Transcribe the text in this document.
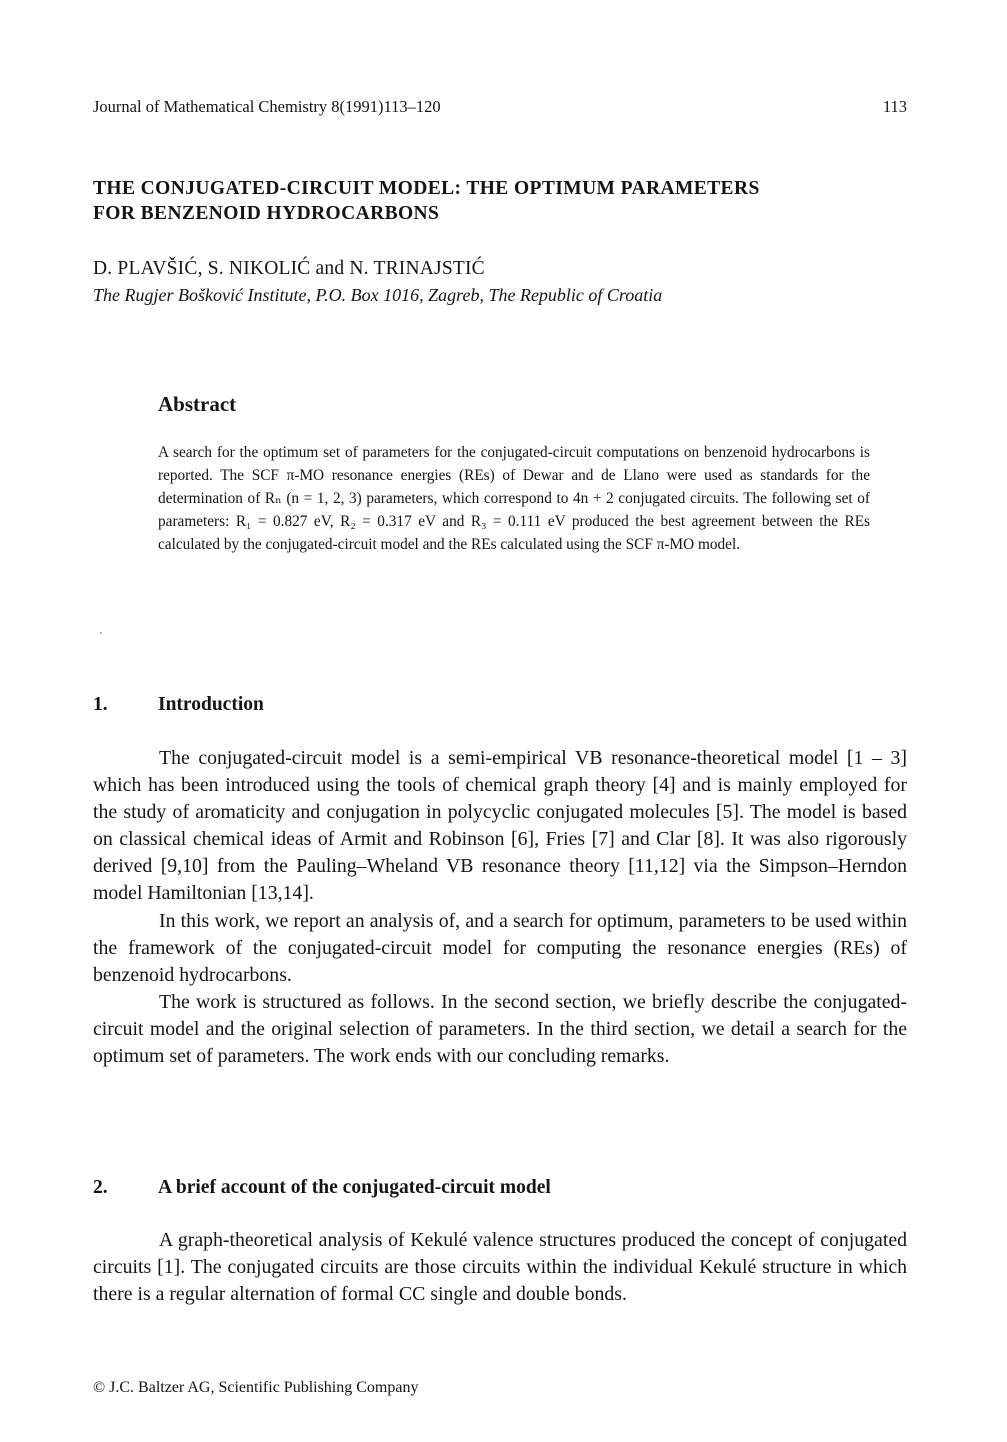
Journal of Mathematical Chemistry 8(1991)113–120	113
THE CONJUGATED-CIRCUIT MODEL: THE OPTIMUM PARAMETERS
FOR BENZENOID HYDROCARBONS
D. PLAVŠIĆ, S. NIKOLIĆ and N. TRINAJSTIĆ
The Rugjer Bošković Institute, P.O. Box 1016, Zagreb, The Republic of Croatia
Abstract

A search for the optimum set of parameters for the conjugated-circuit computations on benzenoid hydrocarbons is reported. The SCF π-MO resonance energies (REs) of Dewar and de Llano were used as standards for the determination of Rₙ (n = 1, 2, 3) parameters, which correspond to 4n + 2 conjugated circuits. The following set of parameters: R₁ = 0.827 eV, R₂ = 0.317 eV and R₃ = 0.111 eV produced the best agreement between the REs calculated by the conjugated-circuit model and the REs calculated using the SCF π-MO model.

1.	Introduction

The conjugated-circuit model is a semi-empirical VB resonance-theoretical model [1 – 3] which has been introduced using the tools of chemical graph theory [4] and is mainly employed for the study of aromaticity and conjugation in polycyclic conjugated molecules [5]. The model is based on classical chemical ideas of Armit and Robinson [6], Fries [7] and Clar [8]. It was also rigorously derived [9,10] from the Pauling–Wheland VB resonance theory [11,12] via the Simpson–Herndon model Hamiltonian [13,14].

In this work, we report an analysis of, and a search for optimum, parameters to be used within the framework of the conjugated-circuit model for computing the resonance energies (REs) of benzenoid hydrocarbons.

The work is structured as follows. In the second section, we briefly describe the conjugated-circuit model and the original selection of parameters. In the third section, we detail a search for the optimum set of parameters. The work ends with our concluding remarks.

2.	A brief account of the conjugated-circuit model

A graph-theoretical analysis of Kekulé valence structures produced the concept of conjugated circuits [1]. The conjugated circuits are those circuits within the individual Kekulé structure in which there is a regular alternation of formal CC single and double bonds.

© J.C. Baltzer AG, Scientific Publishing Company
